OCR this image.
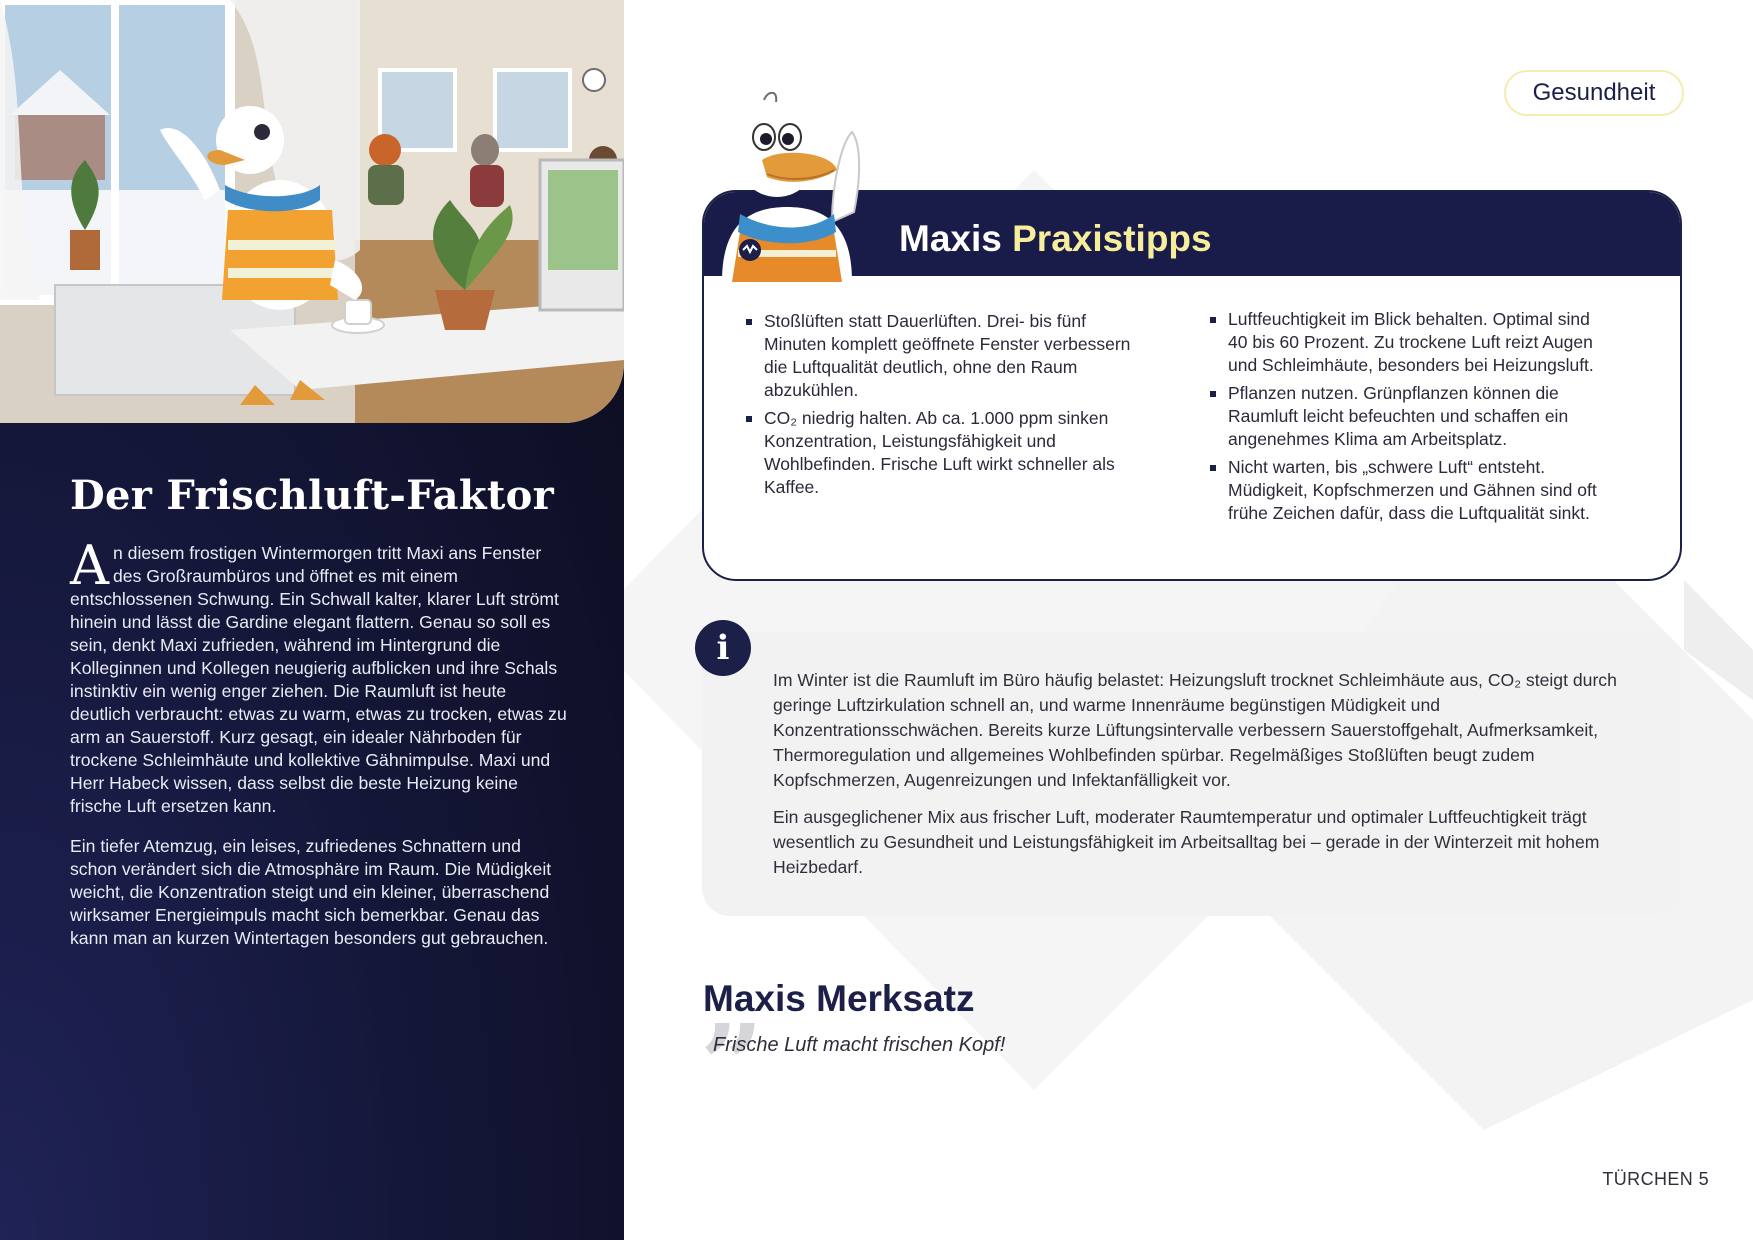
Der Frischluft-Faktor

An diesem frostigen Wintermorgen tritt Maxi ans Fenster des Großraumbüros und öffnet es mit einem entschlossenen Schwung. Ein Schwall kalter, klarer Luft strömt hinein und lässt die Gardine elegant flattern. Genau so soll es sein, denkt Maxi zufrieden, während im Hintergrund die Kolleginnen und Kollegen neugierig aufblicken und ihre Schals instinktiv ein wenig enger ziehen. Die Raumluft ist heute deutlich verbraucht: etwas zu warm, etwas zu trocken, etwas zu arm an Sauerstoff. Kurz gesagt, ein idealer Nährboden für trockene Schleimhäute und kollektive Gähnimpulse. Maxi und Herr Habeck wissen, dass selbst die beste Heizung keine frische Luft ersetzen kann.

Ein tiefer Atemzug, ein leises, zufriedenes Schnattern und schon verändert sich die Atmosphäre im Raum. Die Müdigkeit weicht, die Konzentration steigt und ein kleiner, überraschend wirksamer Energieimpuls macht sich bemerkbar. Genau das kann man an kurzen Wintertagen besonders gut gebrauchen.

Gesundheit
Maxis Praxistipps
Stoßlüften statt Dauerlüften. Drei- bis fünf Minuten komplett geöffnete Fenster verbessern die Luftqualität deutlich, ohne den Raum abzukühlen.
CO₂ niedrig halten. Ab ca. 1.000 ppm sinken Konzentration, Leistungsfähigkeit und Wohlbefinden. Frische Luft wirkt schneller als Kaffee.
Luftfeuchtigkeit im Blick behalten. Optimal sind 40 bis 60 Prozent. Zu trockene Luft reizt Augen und Schleimhäute, besonders bei Heizungsluft.
Pflanzen nutzen. Grünpflanzen können die Raumluft leicht befeuchten und schaffen ein angenehmes Klima am Arbeitsplatz.
Nicht warten, bis „schwere Luft“ entsteht. Müdigkeit, Kopfschmerzen und Gähnen sind oft frühe Zeichen dafür, dass die Luftqualität sinkt.
i

Im Winter ist die Raumluft im Büro häufig belastet: Heizungsluft trocknet Schleimhäute aus, CO₂ steigt durch geringe Luftzirkulation schnell an, und warme Innenräume begünstigen Müdigkeit und Konzentrationsschwächen. Bereits kurze Lüftungsintervalle verbessern Sauerstoffgehalt, Aufmerksamkeit, Thermoregulation und allgemeines Wohlbefinden spürbar. Regelmäßiges Stoßlüften beugt zudem Kopfschmerzen, Augenreizungen und Infektanfälligkeit vor.

Ein ausgeglichener Mix aus frischer Luft, moderater Raumtemperatur und optimaler Luftfeuchtigkeit trägt wesentlich zu Gesundheit und Leistungsfähigkeit im Arbeitsalltag bei – gerade in der Winterzeit mit hohem Heizbedarf.

Maxis Merksatz
”
Frische Luft macht frischen Kopf!
TÜRCHEN 5
